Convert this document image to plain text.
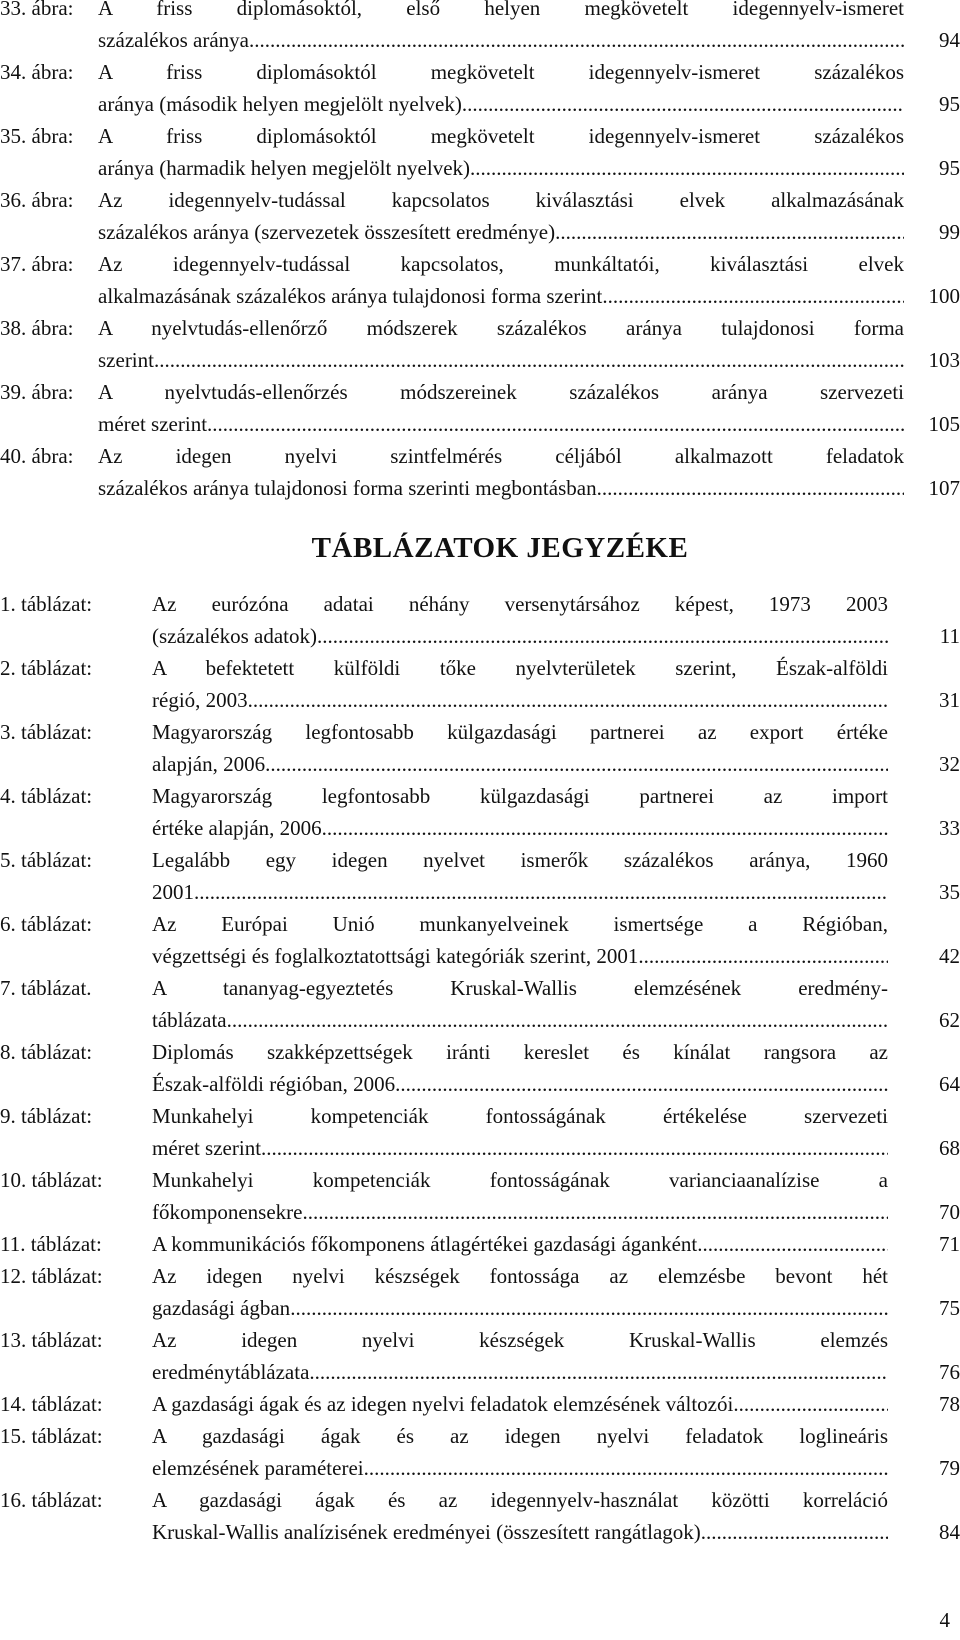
33. ábra:	A friss diplomásoktól, első helyen megkövetelt idegennyelv-ismeret
százalékos aránya .....	94
34. ábra:	A friss diplomásoktól megkövetelt idegennyelv-ismeret százalékos
aránya (második helyen megjelölt nyelvek) .....	95
35. ábra:	A friss diplomásoktól megkövetelt idegennyelv-ismeret százalékos
aránya (harmadik helyen megjelölt nyelvek) .....	95
36. ábra:	Az idegennyelv-tudással kapcsolatos kiválasztási elvek alkalmazásának
százalékos aránya (szervezetek összesített eredménye) .....	99
37. ábra:	Az idegennyelv-tudással kapcsolatos, munkáltatói, kiválasztási elvek
alkalmazásának százalékos aránya tulajdonosi forma szerint .....	100
38. ábra:	A nyelvtudás-ellenőrző módszerek százalékos aránya tulajdonosi forma
szerint .....	103
39. ábra:	A nyelvtudás-ellenőrzés módszereinek százalékos aránya szervezeti
méret szerint .....	105
40. ábra:	Az idegen nyelvi szintfelmérés céljából alkalmazott feladatok
százalékos aránya tulajdonosi forma szerinti megbontásban .....	107
TÁBLÁZATOK JEGYZÉKE
1. táblázat:	Az eurózóna adatai néhány versenytársához képest, 1973 2003
(százalékos adatok) .....	11
2. táblázat:	A befektetett külföldi tőke nyelvterületek szerint, Észak-alföldi
régió, 2003 .....	31
3. táblázat:	Magyarország legfontosabb külgazdasági partnerei az export értéke
alapján, 2006 .....	32
4. táblázat:	Magyarország legfontosabb külgazdasági partnerei az import
értéke alapján, 2006 .....	33
5. táblázat:	Legalább egy idegen nyelvet ismerők százalékos aránya, 1960
2001 .....	35
6. táblázat:	Az Európai Unió munkanyelveinek ismertsége a Régióban,
végzettségi és foglalkoztatottsági kategóriák szerint, 2001 .....	42
7. táblázat.	A tananyag-egyeztetés Kruskal-Wallis elemzésének eredmény-
táblázata .....	62
8. táblázat:	Diplomás szakképzettségek iránti kereslet és kínálat rangsora az
Észak-alföldi régióban, 2006 .....	64
9. táblázat:	Munkahelyi kompetenciák fontosságának értékelése szervezeti
méret szerint .....	68
10. táblázat:	Munkahelyi kompetenciák fontosságának varianciaanalízise a
főkomponensekre .....	70
11. táblázat:	A kommunikációs főkomponens átlagértékei gazdasági áganként .....	71
12. táblázat:	Az idegen nyelvi készségek fontossága az elemzésbe bevont hét
gazdasági ágban .....	75
13. táblázat:	Az idegen nyelvi készségek Kruskal-Wallis elemzés
eredménytáblázata .....	76
14. táblázat:	A gazdasági ágak és az idegen nyelvi feladatok elemzésének változói .....	78
15. táblázat:	A gazdasági ágak és az idegen nyelvi feladatok loglineáris
elemzésének paraméterei .....	79
16. táblázat:	A gazdasági ágak és az idegennyelv-használat közötti korreláció
Kruskal-Wallis analízisének eredményei (összesített rangátlagok) .....	84
4
